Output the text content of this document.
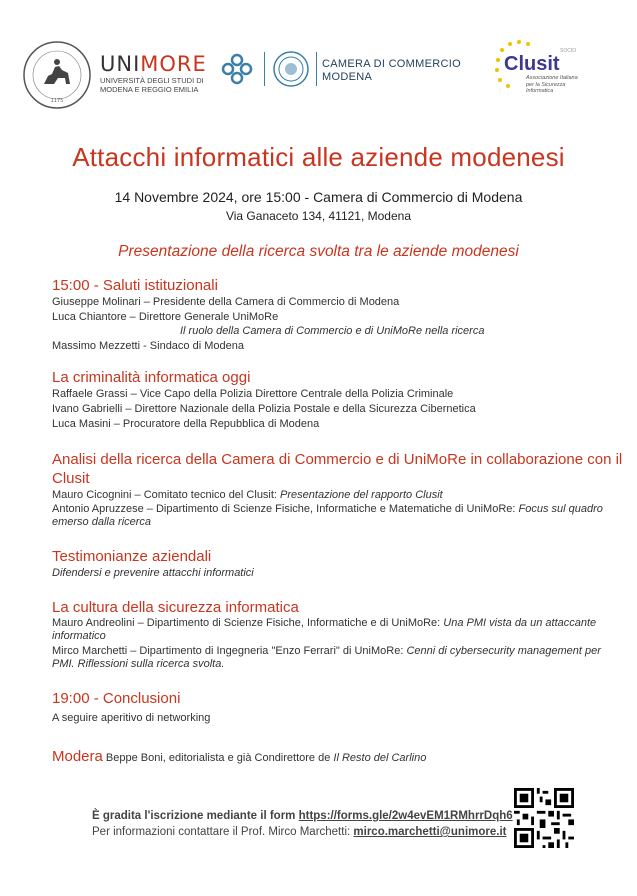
1175
UNIMORE
UNIVERSITÀ DEGLI STUDI DI
MODENA E REGGIO EMILIA
CAMERA DI COMMERCIO
MODENA
SOCIO
Clusit
Associazione Italiana
per la Sicurezza Informatica
Attacchi informatici alle aziende modenesi
14 Novembre 2024, ore 15:00 - Camera di Commercio di Modena
Via Ganaceto 134, 41121, Modena
Presentazione della ricerca svolta tra le aziende modenesi
15:00 - Saluti istituzionali
Giuseppe Molinari – Presidente della Camera di Commercio di Modena
Luca Chiantore – Direttore Generale UniMoRe
Il ruolo della Camera di Commercio e di UniMoRe nella ricerca
Massimo Mezzetti - Sindaco di Modena
La criminalità informatica oggi
Raffaele Grassi – Vice Capo della Polizia Direttore Centrale della Polizia Criminale
Ivano Gabrielli – Direttore Nazionale della Polizia Postale e della Sicurezza Cibernetica
Luca Masini – Procuratore della Repubblica di Modena
Analisi della ricerca della Camera di Commercio e di UniMoRe in collaborazione con il
Clusit
Mauro Cicognini – Comitato tecnico del Clusit: Presentazione del rapporto Clusit
Antonio Apruzzese – Dipartimento di Scienze Fisiche, Informatiche e Matematiche di UniMoRe: Focus sul quadro
emerso dalla ricerca
Testimonianze aziendali
Difendersi e prevenire attacchi informatici
La cultura della sicurezza informatica
Mauro Andreolini – Dipartimento di Scienze Fisiche, Informatiche e di UniMoRe: Una PMI vista da un attaccante
informatico
Mirco Marchetti – Dipartimento di Ingegneria "Enzo Ferrari" di UniMoRe: Cenni di cybersecurity management per
PMI. Riflessioni sulla ricerca svolta.
19:00 - Conclusioni
A seguire aperitivo di networking
Modera Beppe Boni, editorialista e già Condirettore de Il Resto del Carlino
È gradita l'iscrizione mediante il form https://forms.gle/2w4evEM1RMhrrDqh6
Per informazioni contattare il Prof. Mirco Marchetti: mirco.marchetti@unimore.it
